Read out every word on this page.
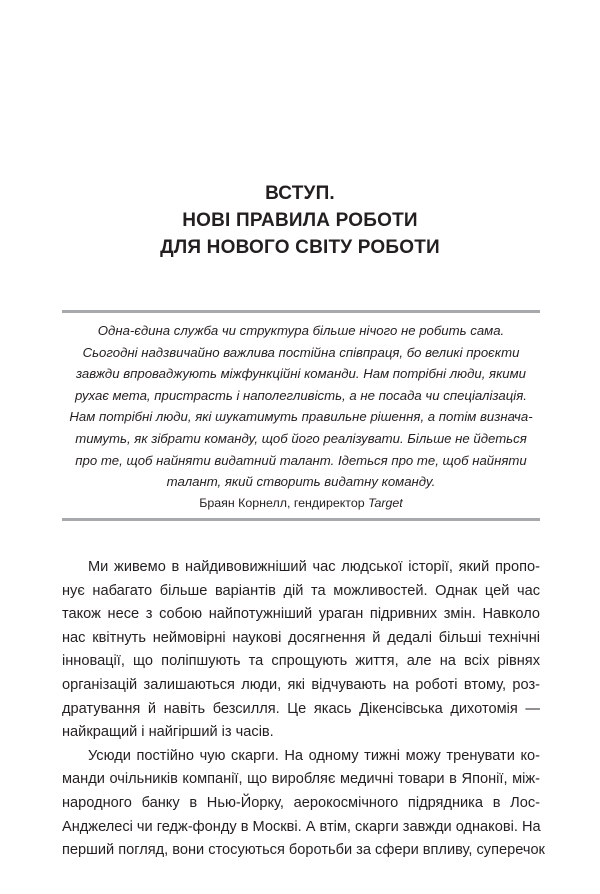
ВСТУП.
НОВІ ПРАВИЛА РОБОТИ
ДЛЯ НОВОГО СВІТУ РОБОТИ
Одна-єдина служба чи структура більше нічого не робить сама.
Сьогодні надзвичайно важлива постійна співпраця, бо великі проєкти
завжди впроваджують міжфункційні команди. Нам потрібні люди, якими
рухає мета, пристрасть і наполегливість, а не посада чи спеціалізація.
Нам потрібні люди, які шукатимуть правильне рішення, а потім визнача-
тимуть, як зібрати команду, щоб його реалізувати. Більше не йдеться
про те, щоб найняти видатний талант. Ідеться про те, щоб найняти
талант, який створить видатну команду.
Браян Корнелл, гендиректор Target

Ми живемо в найдивовижніший час людської історії, який пропо-
нує набагато більше варіантів дій та можливостей. Однак цей час
також несе з собою найпотужніший ураган підривних змін. Навколо
нас квітнуть неймовірні наукові досягнення й дедалі більші технічні
інновації, що поліпшують та спрощують життя, але на всіх рівнях
організацій залишаються люди, які відчувають на роботі втому, роз-
дратування й навіть безсилля. Це якась Дікенсівська дихотомія —
найкращий і найгірший із часів.

Усюди постійно чую скарги. На одному тижні можу тренувати ко-
манди очільників компанії, що виробляє медичні товари в Японії, між-
народного банку в Нью-Йорку, аерокосмічного підрядника в Лос-
Анджелесі чи гедж-фонду в Москві. А втім, скарги завжди однакові. На
перший погляд, вони стосуються боротьби за сфери впливу, суперечок
